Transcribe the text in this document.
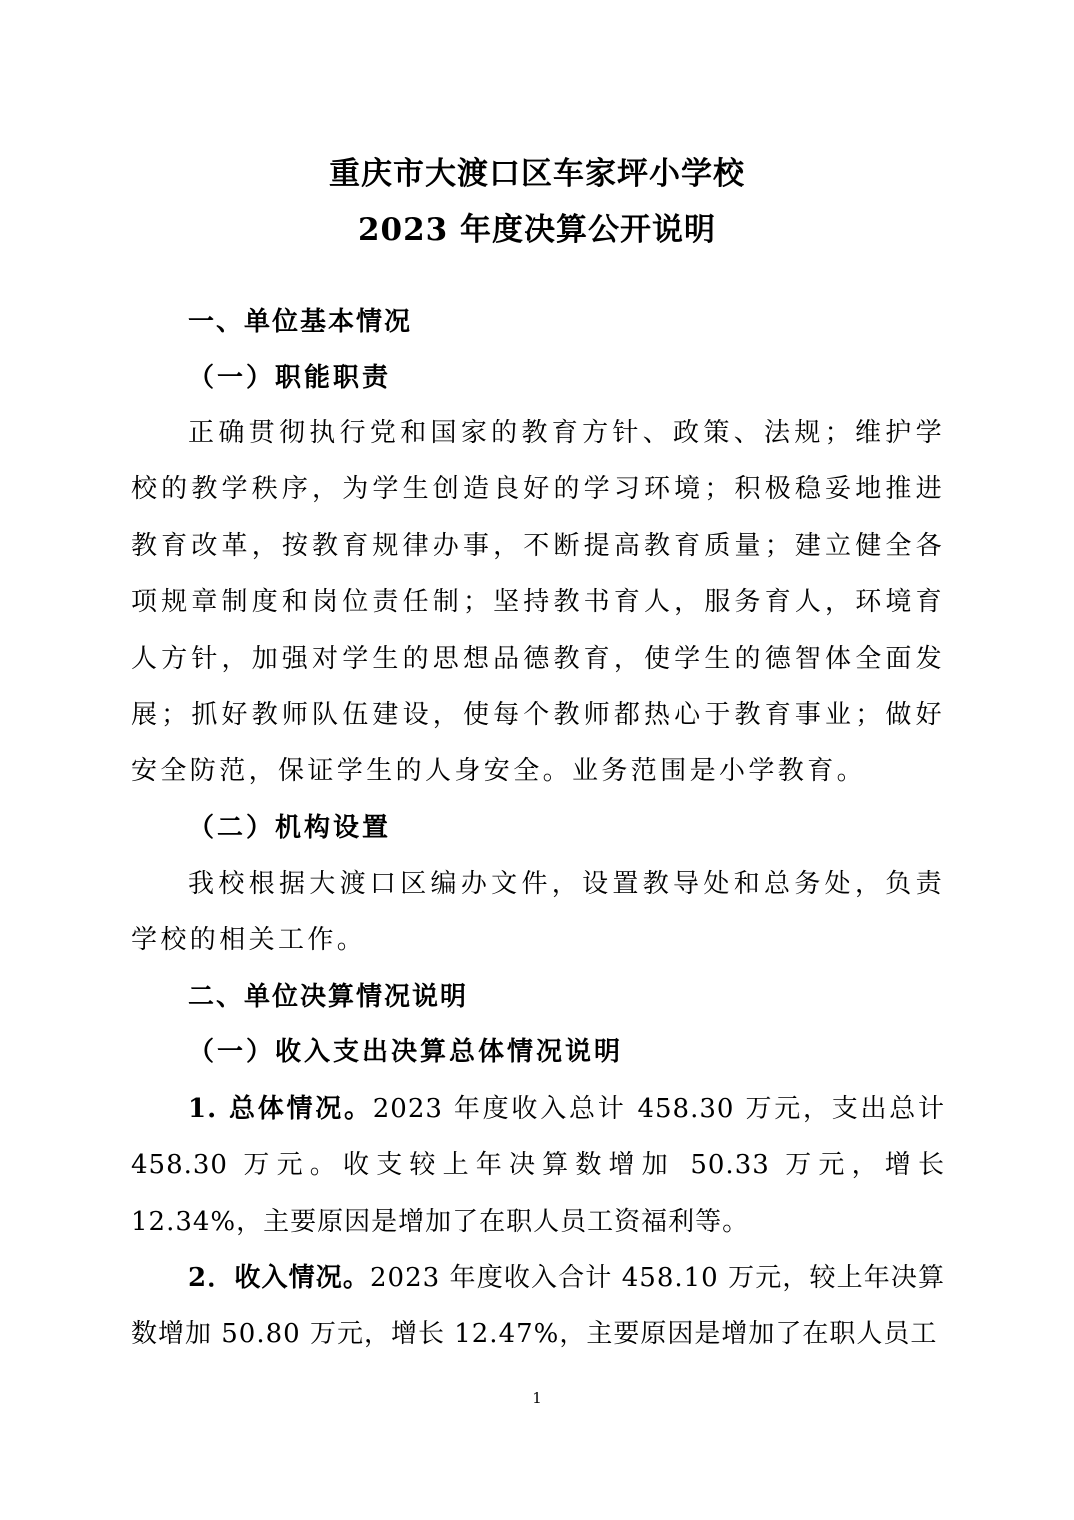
重庆市大渡口区车家坪小学校
2023 年度决算公开说明
一、单位基本情况
（一）职能职责
正确贯彻执行党和国家的教育方针、政策、法规；维护学校的教学秩序，为学生创造良好的学习环境；积极稳妥地推进教育改革，按教育规律办事，不断提高教育质量；建立健全各项规章制度和岗位责任制；坚持教书育人，服务育人，环境育人方针，加强对学生的思想品德教育，使学生的德智体全面发展；抓好教师队伍建设，使每个教师都热心于教育事业；做好安全防范，保证学生的人身安全。业务范围是小学教育。
（二）机构设置
我校根据大渡口区编办文件，设置教导处和总务处，负责学校的相关工作。
二、单位决算情况说明
（一）收入支出决算总体情况说明
1. 总体情况。2023 年度收入总计 458.30 万元，支出总计 458.30 万元。收支较上年决算数增加 50.33 万元，增长 12.34%，主要原因是增加了在职人员工资福利等。
2．收入情况。2023 年度收入合计 458.10 万元，较上年决算数增加 50.80 万元，增长 12.47%，主要原因是增加了在职人员工
1
